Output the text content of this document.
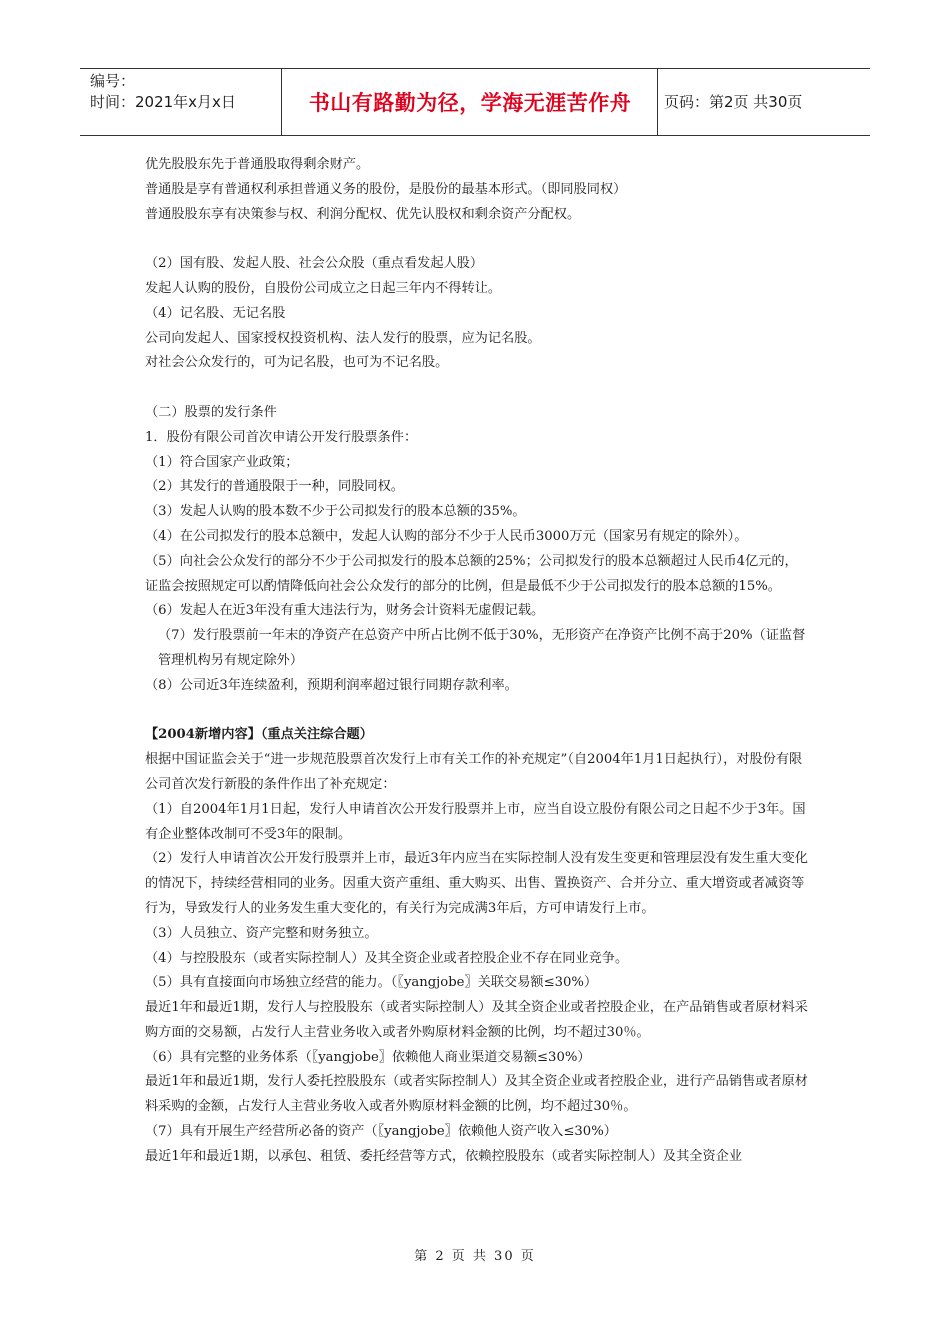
编号：
时间：2021年x月x日	书山有路勤为径，学海无涯苦作舟	页码：第2页 共30页

优先股股东先于普通股取得剩余财产。

普通股是享有普通权利承担普通义务的股份，是股份的最基本形式。（即同股同权）

普通股股东享有决策参与权、利润分配权、优先认股权和剩余资产分配权。

（2）国有股、发起人股、社会公众股（重点看发起人股）

发起人认购的股份，自股份公司成立之日起三年内不得转让。

（4）记名股、无记名股

公司向发起人、国家授权投资机构、法人发行的股票，应为记名股。

对社会公众发行的，可为记名股，也可为不记名股。

（二）股票的发行条件

1．股份有限公司首次申请公开发行股票条件：

（1）符合国家产业政策；

（2）其发行的普通股限于一种，同股同权。

（3）发起人认购的股本数不少于公司拟发行的股本总额的35%。

（4）在公司拟发行的股本总额中，发起人认购的部分不少于人民币3000万元（国家另有规定的除外）。

（5）向社会公众发行的部分不少于公司拟发行的股本总额的25%；公司拟发行的股本总额超过人民币4亿元的，证监会按照规定可以酌情降低向社会公众发行的部分的比例，但是最低不少于公司拟发行的股本总额的15%。

（6）发起人在近3年没有重大违法行为，财务会计资料无虚假记载。

（7）发行股票前一年末的净资产在总资产中所占比例不低于30%，无形资产在净资产比例不高于20%（证监督管理机构另有规定除外）

（8）公司近3年连续盈利，预期利润率超过银行同期存款利率。

【2004新增内容】（重点关注综合题）

根据中国证监会关于“进一步规范股票首次发行上市有关工作的补充规定”（自2004年1月1日起执行），对股份有限公司首次发行新股的条件作出了补充规定：

（1）自2004年1月1日起，发行人申请首次公开发行股票并上市，应当自设立股份有限公司之日起不少于3年。国有企业整体改制可不受3年的限制。

（2）发行人申请首次公开发行股票并上市，最近3年内应当在实际控制人没有发生变更和管理层没有发生重大变化的情况下，持续经营相同的业务。因重大资产重组、重大购买、出售、置换资产、合并分立、重大增资或者减资等行为，导致发行人的业务发生重大变化的，有关行为完成满3年后，方可申请发行上市。

（3）人员独立、资产完整和财务独立。

（4）与控股股东（或者实际控制人）及其全资企业或者控股企业不存在同业竞争。

（5）具有直接面向市场独立经营的能力。（〖yangjobe〗关联交易额≤30%）

最近1年和最近1期，发行人与控股股东（或者实际控制人）及其全资企业或者控股企业，在产品销售或者原材料采购方面的交易额，占发行人主营业务收入或者外购原材料金额的比例，均不超过30％。

（6）具有完整的业务体系（〖yangjobe〗依赖他人商业渠道交易额≤30%）

最近1年和最近1期，发行人委托控股股东（或者实际控制人）及其全资企业或者控股企业，进行产品销售或者原材料采购的金额，占发行人主营业务收入或者外购原材料金额的比例，均不超过30％。

（7）具有开展生产经营所必备的资产（〖yangjobe〗依赖他人资产收入≤30%）

最近1年和最近1期，以承包、租赁、委托经营等方式，依赖控股股东（或者实际控制人）及其全资企业

第 2 页 共 30 页
